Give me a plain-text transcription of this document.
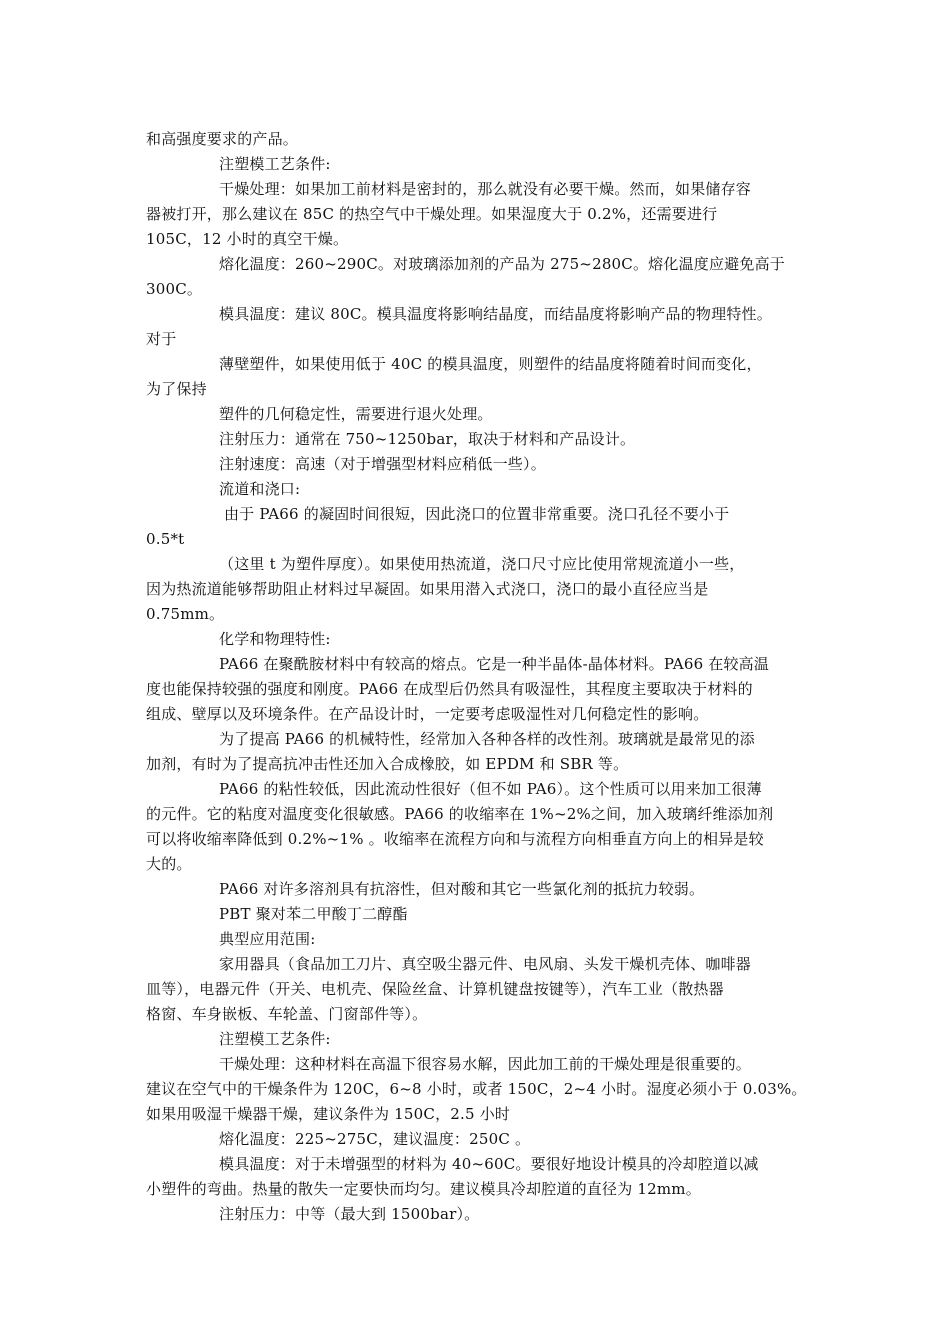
和高强度要求的产品。
注塑模工艺条件:
干燥处理：如果加工前材料是密封的，那么就没有必要干燥。然而，如果储存容
器被打开，那么建议在 85C 的热空气中干燥处理。如果湿度大于 0.2%，还需要进行
105C，12 小时的真空干燥。
熔化温度：260~290C。对玻璃添加剂的产品为 275~280C。熔化温度应避免高于
300C。
模具温度：建议 80C。模具温度将影响结晶度，而结晶度将影响产品的物理特性。
对于
薄壁塑件，如果使用低于 40C 的模具温度，则塑件的结晶度将随着时间而变化，
为了保持
塑件的几何稳定性，需要进行退火处理。
注射压力：通常在 750~1250bar，取决于材料和产品设计。
注射速度：高速（对于增强型材料应稍低一些）。
流道和浇口:
由于 PA66 的凝固时间很短，因此浇口的位置非常重要。浇口孔径不要小于
0.5*t
（这里 t 为塑件厚度）。如果使用热流道，浇口尺寸应比使用常规流道小一些，
因为热流道能够帮助阻止材料过早凝固。如果用潜入式浇口，浇口的最小直径应当是
0.75mm。
化学和物理特性:
PA66 在聚酰胺材料中有较高的熔点。它是一种半晶体-晶体材料。PA66 在较高温
度也能保持较强的强度和刚度。PA66 在成型后仍然具有吸湿性，其程度主要取决于材料的
组成、壁厚以及环境条件。在产品设计时，一定要考虑吸湿性对几何稳定性的影响。
为了提高 PA66 的机械特性，经常加入各种各样的改性剂。玻璃就是最常见的添
加剂，有时为了提高抗冲击性还加入合成橡胶，如 EPDM 和 SBR 等。
PA66 的粘性较低，因此流动性很好（但不如 PA6）。这个性质可以用来加工很薄
的元件。它的粘度对温度变化很敏感。PA66 的收缩率在 1%~2%之间，加入玻璃纤维添加剂
可以将收缩率降低到 0.2%~1% 。收缩率在流程方向和与流程方向相垂直方向上的相异是较
大的。
PA66 对许多溶剂具有抗溶性，但对酸和其它一些氯化剂的抵抗力较弱。
PBT 聚对苯二甲酸丁二醇酯
典型应用范围:
家用器具（食品加工刀片、真空吸尘器元件、电风扇、头发干燥机壳体、咖啡器
皿等），电器元件（开关、电机壳、保险丝盒、计算机键盘按键等），汽车工业（散热器
格窗、车身嵌板、车轮盖、门窗部件等）。
注塑模工艺条件:
干燥处理：这种材料在高温下很容易水解，因此加工前的干燥处理是很重要的。
建议在空气中的干燥条件为 120C，6~8 小时，或者 150C，2~4 小时。湿度必须小于 0.03%。
如果用吸湿干燥器干燥，建议条件为 150C，2.5 小时
熔化温度：225~275C，建议温度：250C 。
模具温度：对于未增强型的材料为 40~60C。要很好地设计模具的冷却腔道以减
小塑件的弯曲。热量的散失一定要快而均匀。建议模具冷却腔道的直径为 12mm。
注射压力：中等（最大到 1500bar）。
